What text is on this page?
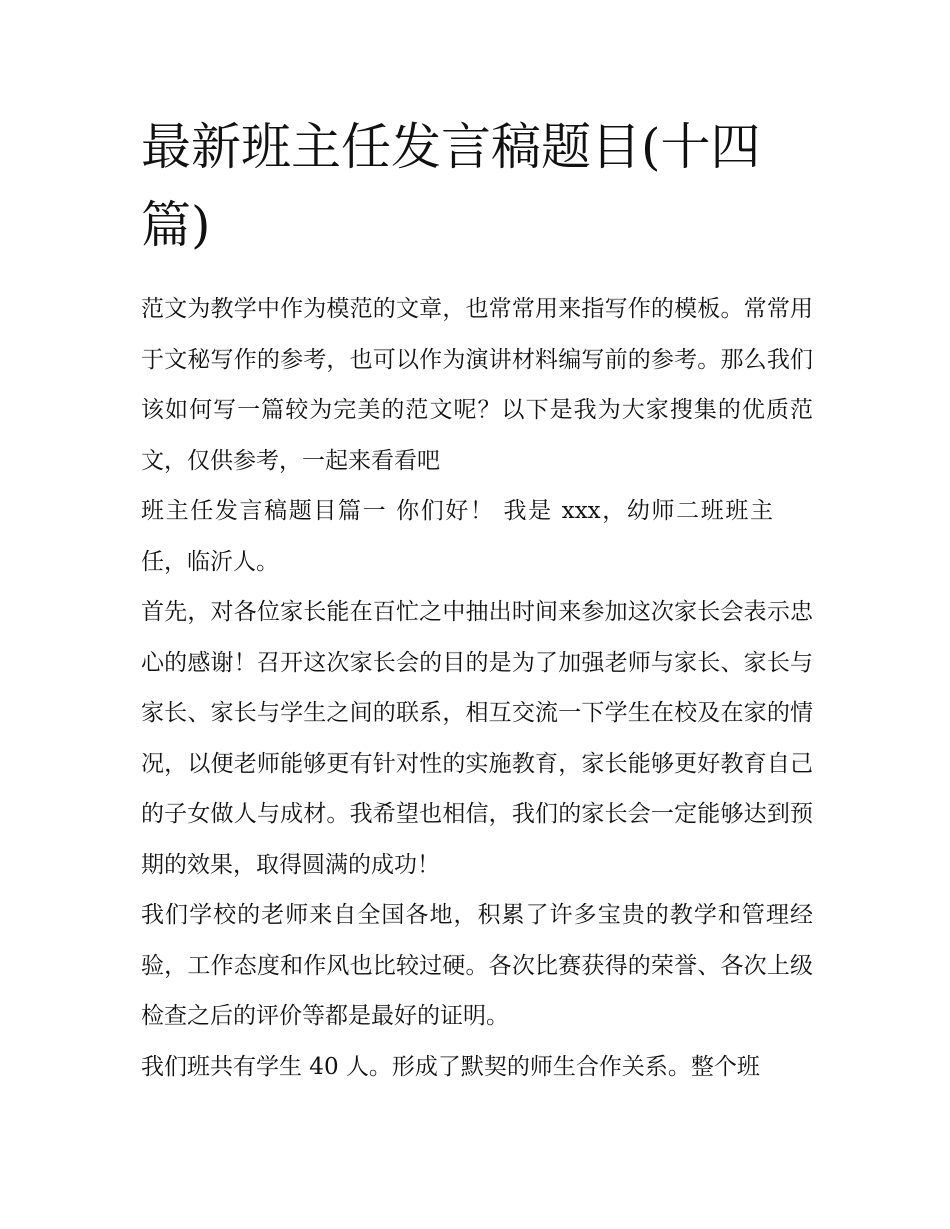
最新班主任发言稿题目(十四篇)

范文为教学中作为模范的文章，也常常用来指写作的模板。常常用于文秘写作的参考，也可以作为演讲材料编写前的参考。那么我们该如何写一篇较为完美的范文呢？以下是我为大家搜集的优质范文，仅供参考，一起来看看吧

班主任发言稿题目篇一 你们好！ 我是 xxx，幼师二班班主任，临沂人。

首先，对各位家长能在百忙之中抽出时间来参加这次家长会表示忠心的感谢！召开这次家长会的目的是为了加强老师与家长、家长与家长、家长与学生之间的联系，相互交流一下学生在校及在家的情况，以便老师能够更有针对性的实施教育，家长能够更好教育自己的子女做人与成材。我希望也相信，我们的家长会一定能够达到预期的效果，取得圆满的成功！

我们学校的老师来自全国各地，积累了许多宝贵的教学和管理经验，工作态度和作风也比较过硬。各次比赛获得的荣誉、各次上级检查之后的评价等都是最好的证明。

我们班共有学生 40 人。形成了默契的师生合作关系。整个班
